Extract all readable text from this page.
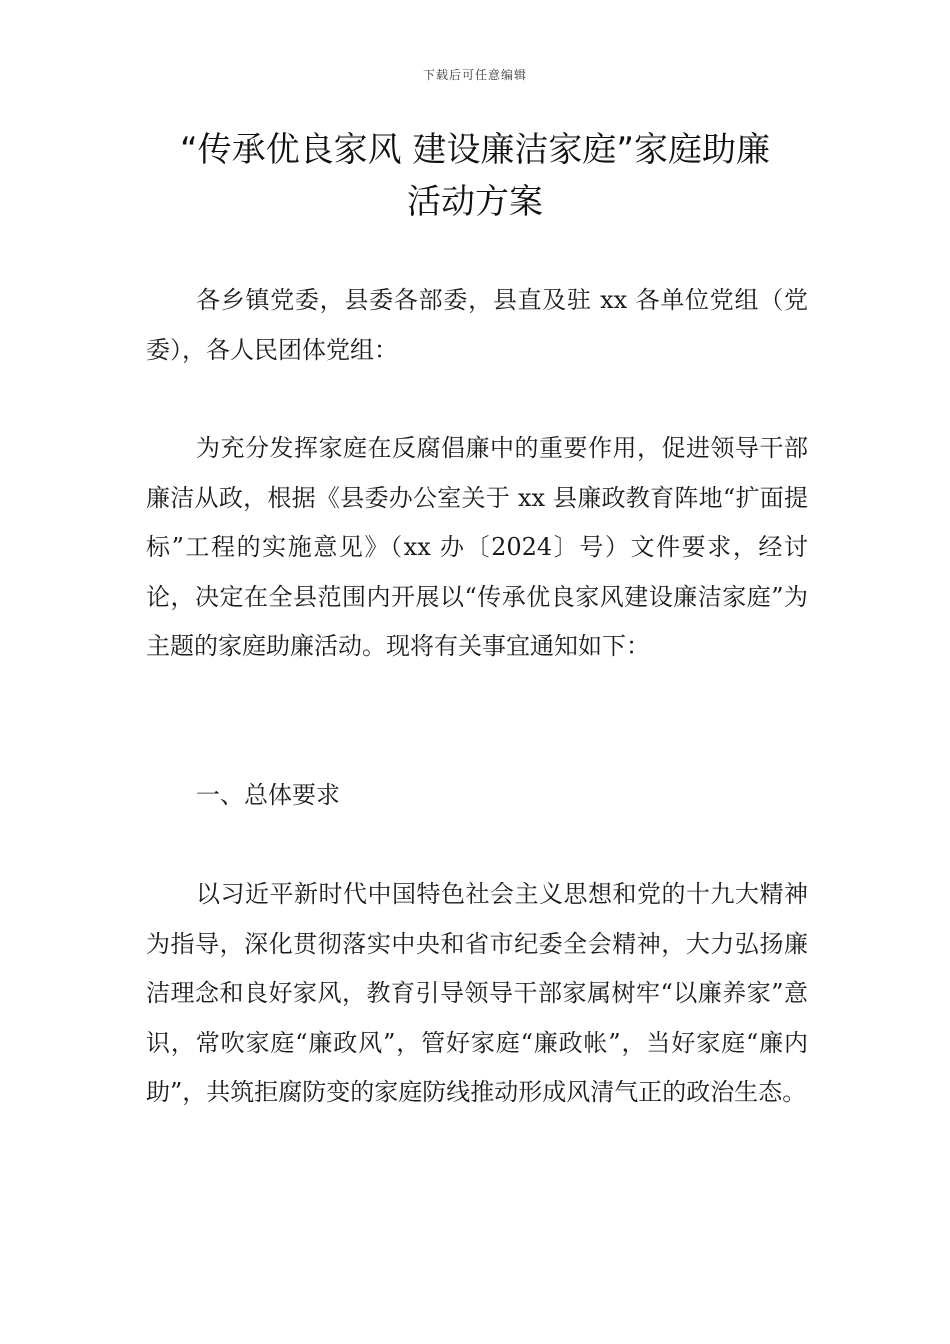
下载后可任意编辑
“传承优良家风 建设廉洁家庭”家庭助廉
活动方案

各乡镇党委，县委各部委，县直及驻 xx 各单位党组（党委），各人民团体党组：

为充分发挥家庭在反腐倡廉中的重要作用，促进领导干部廉洁从政，根据《县委办公室关于 xx 县廉政教育阵地“扩面提标”工程的实施意见》（xx 办〔2024〕号）文件要求，经讨论，决定在全县范围内开展以“传承优良家风建设廉洁家庭”为主题的家庭助廉活动。现将有关事宜通知如下：

一、总体要求

以习近平新时代中国特色社会主义思想和党的十九大精神为指导，深化贯彻落实中央和省市纪委全会精神，大力弘扬廉洁理念和良好家风，教育引导领导干部家属树牢“以廉养家”意识，常吹家庭“廉政风”，管好家庭“廉政帐”，当好家庭“廉内助”，共筑拒腐防变的家庭防线推动形成风清气正的政治生态。
